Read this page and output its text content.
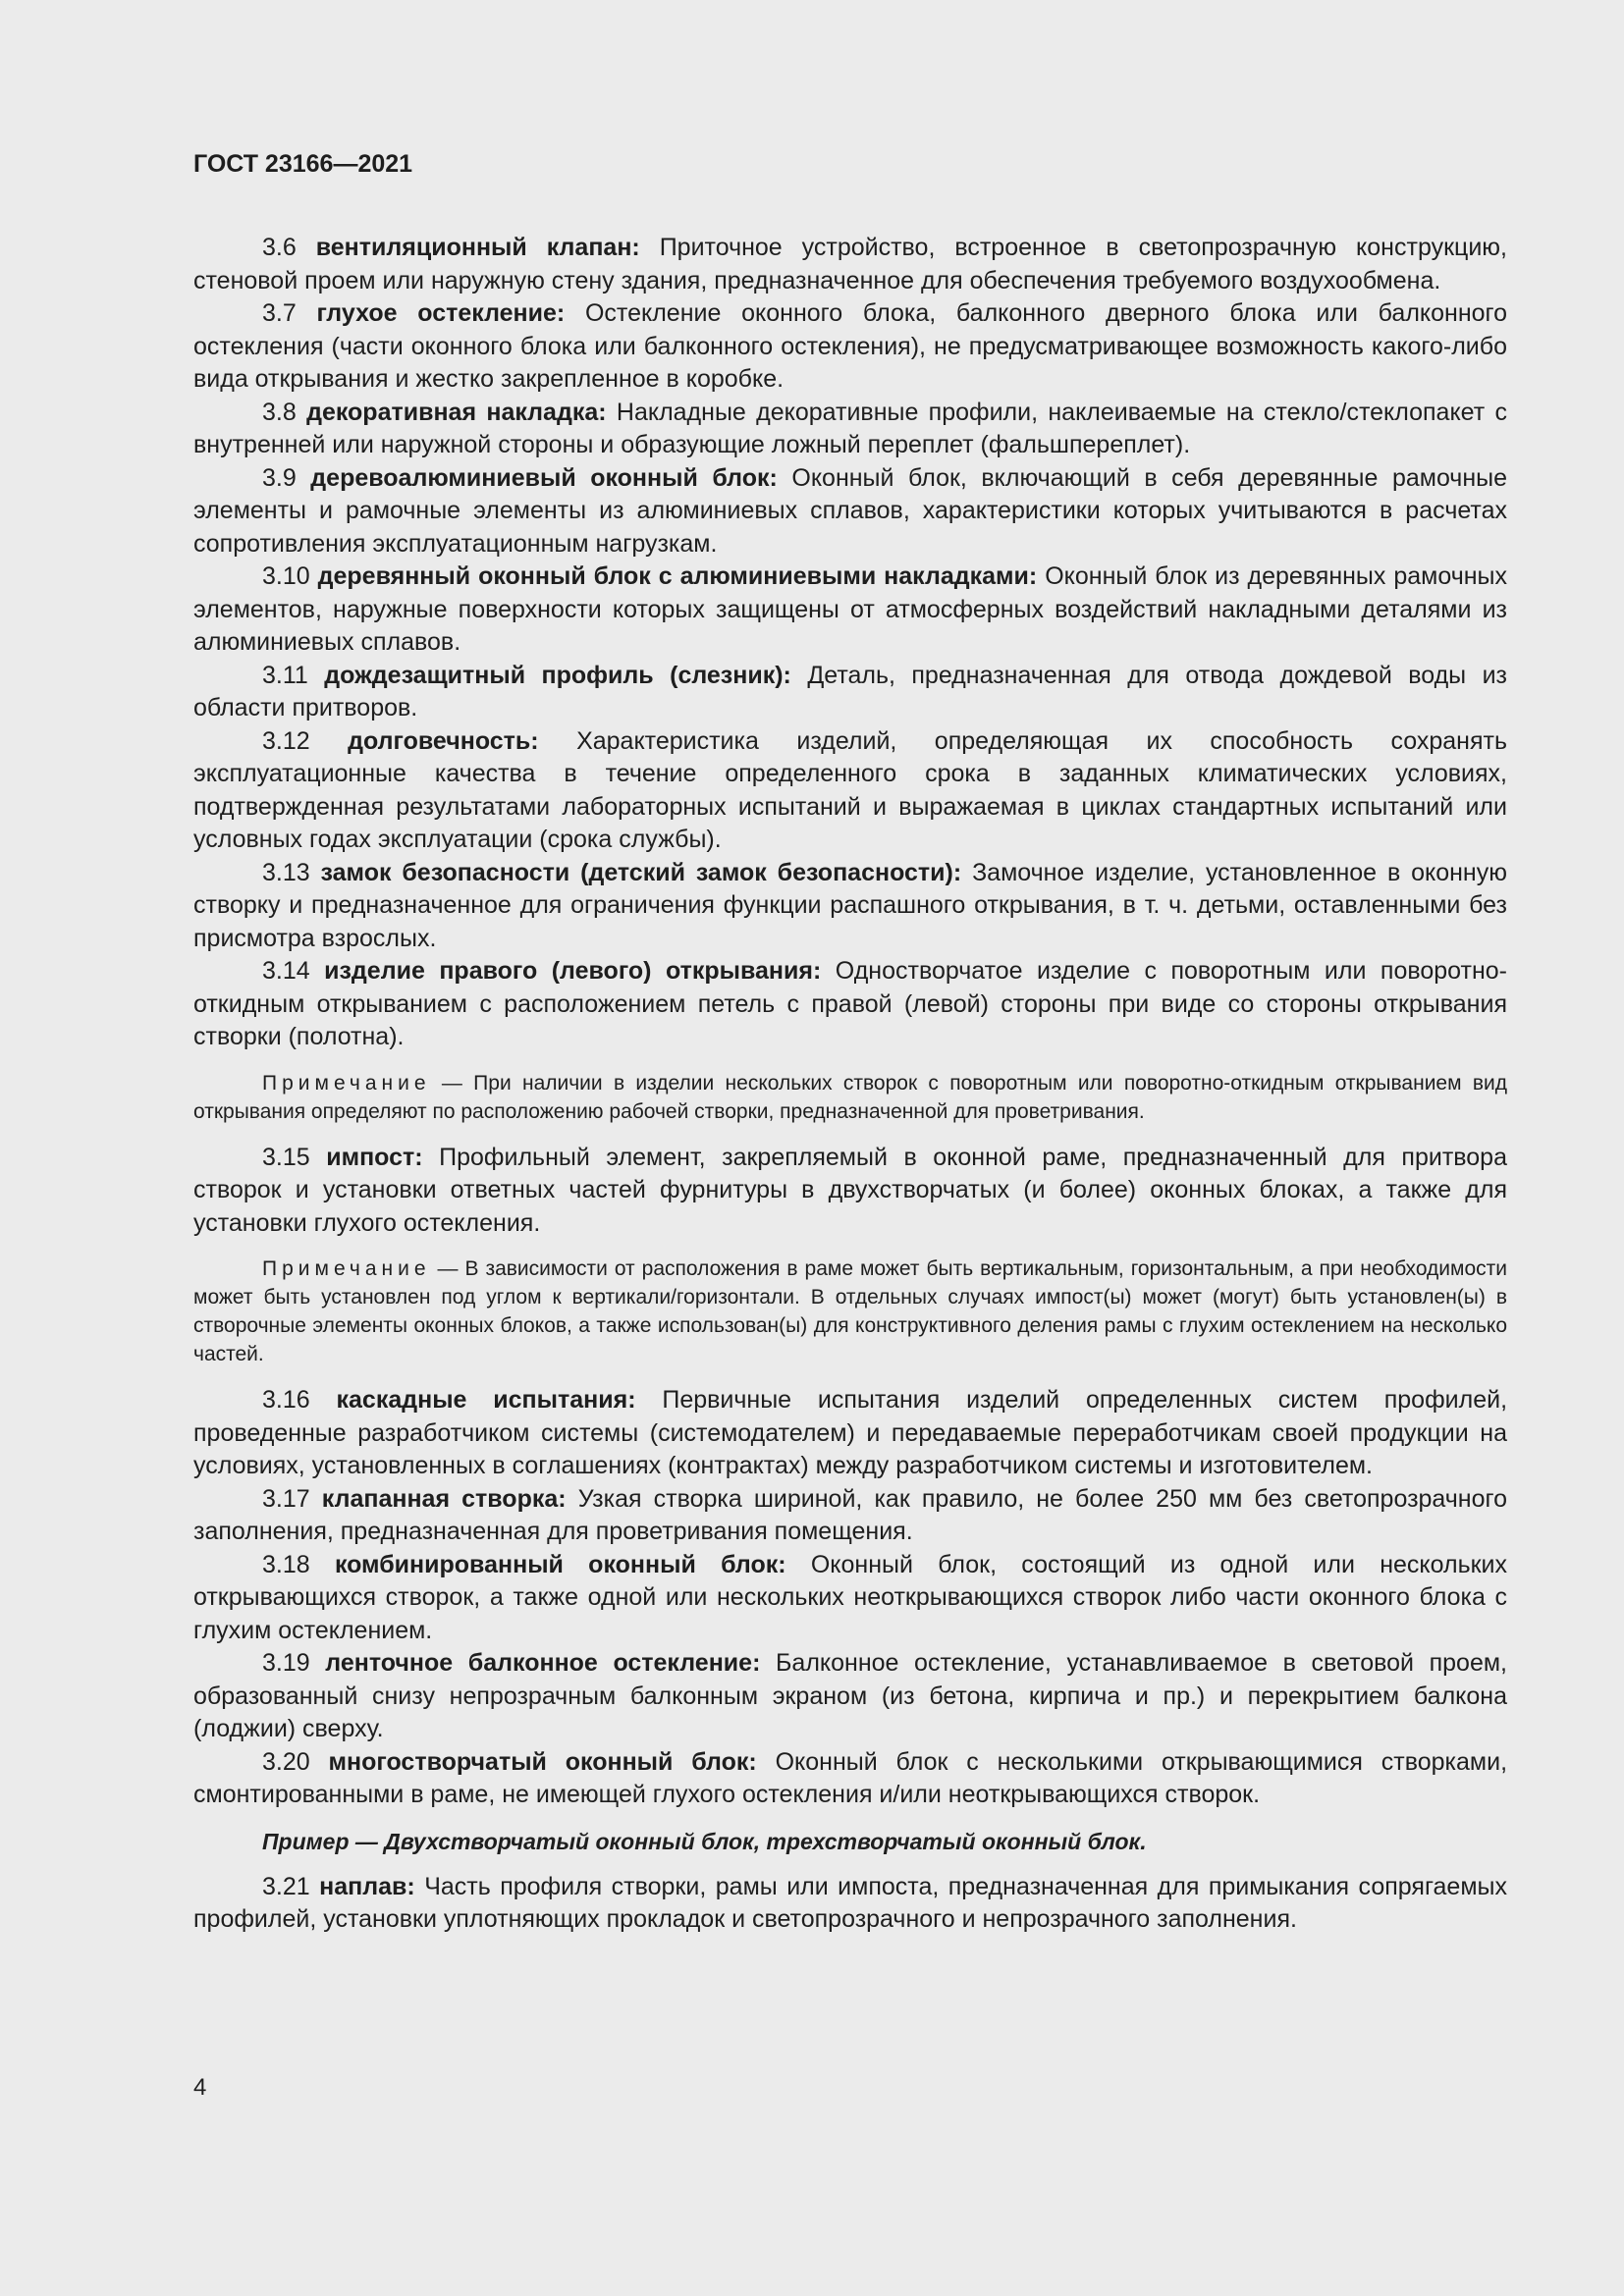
ГОСТ 23166—2021

3.6 вентиляционный клапан: Приточное устройство, встроенное в светопрозрачную конструкцию, стеновой проем или наружную стену здания, предназначенное для обеспечения требуемого воздухообмена.

3.7 глухое остекление: Остекление оконного блока, балконного дверного блока или балконного остекления (части оконного блока или балконного остекления), не предусматривающее возможность какого-либо вида открывания и жестко закрепленное в коробке.

3.8 декоративная накладка: Накладные декоративные профили, наклеиваемые на стекло/стеклопакет с внутренней или наружной стороны и образующие ложный переплет (фальшпереплет).

3.9 деревоалюминиевый оконный блок: Оконный блок, включающий в себя деревянные рамочные элементы и рамочные элементы из алюминиевых сплавов, характеристики которых учитываются в расчетах сопротивления эксплуатационным нагрузкам.

3.10 деревянный оконный блок с алюминиевыми накладками: Оконный блок из деревянных рамочных элементов, наружные поверхности которых защищены от атмосферных воздействий накладными деталями из алюминиевых сплавов.

3.11 дождезащитный профиль (слезник): Деталь, предназначенная для отвода дождевой воды из области притворов.

3.12 долговечность: Характеристика изделий, определяющая их способность сохранять эксплуатационные качества в течение определенного срока в заданных климатических условиях, подтвержденная результатами лабораторных испытаний и выражаемая в циклах стандартных испытаний или условных годах эксплуатации (срока службы).

3.13 замок безопасности (детский замок безопасности): Замочное изделие, установленное в оконную створку и предназначенное для ограничения функции распашного открывания, в т. ч. детьми, оставленными без присмотра взрослых.

3.14 изделие правого (левого) открывания: Одностворчатое изделие с поворотным или поворотно-откидным открыванием с расположением петель с правой (левой) стороны при виде со стороны открывания створки (полотна).

Примечание — При наличии в изделии нескольких створок с поворотным или поворотно-откидным открыванием вид открывания определяют по расположению рабочей створки, предназначенной для проветривания.

3.15 импост: Профильный элемент, закрепляемый в оконной раме, предназначенный для притвора створок и установки ответных частей фурнитуры в двухстворчатых (и более) оконных блоках, а также для установки глухого остекления.

Примечание — В зависимости от расположения в раме может быть вертикальным, горизонтальным, а при необходимости может быть установлен под углом к вертикали/горизонтали. В отдельных случаях импост(ы) может (могут) быть установлен(ы) в створочные элементы оконных блоков, а также использован(ы) для конструктивного деления рамы с глухим остеклением на несколько частей.

3.16 каскадные испытания: Первичные испытания изделий определенных систем профилей, проведенные разработчиком системы (системодателем) и передаваемые переработчикам своей продукции на условиях, установленных в соглашениях (контрактах) между разработчиком системы и изготовителем.

3.17 клапанная створка: Узкая створка шириной, как правило, не более 250 мм без светопрозрачного заполнения, предназначенная для проветривания помещения.

3.18 комбинированный оконный блок: Оконный блок, состоящий из одной или нескольких открывающихся створок, а также одной или нескольких неоткрывающихся створок либо части оконного блока с глухим остеклением.

3.19 ленточное балконное остекление: Балконное остекление, устанавливаемое в световой проем, образованный снизу непрозрачным балконным экраном (из бетона, кирпича и пр.) и перекрытием балкона (лоджии) сверху.

3.20 многостворчатый оконный блок: Оконный блок с несколькими открывающимися створками, смонтированными в раме, не имеющей глухого остекления и/или неоткрывающихся створок.

Пример — Двухстворчатый оконный блок, трехстворчатый оконный блок.

3.21 наплав: Часть профиля створки, рамы или импоста, предназначенная для примыкания сопрягаемых профилей, установки уплотняющих прокладок и светопрозрачного и непрозрачного заполнения.

4
